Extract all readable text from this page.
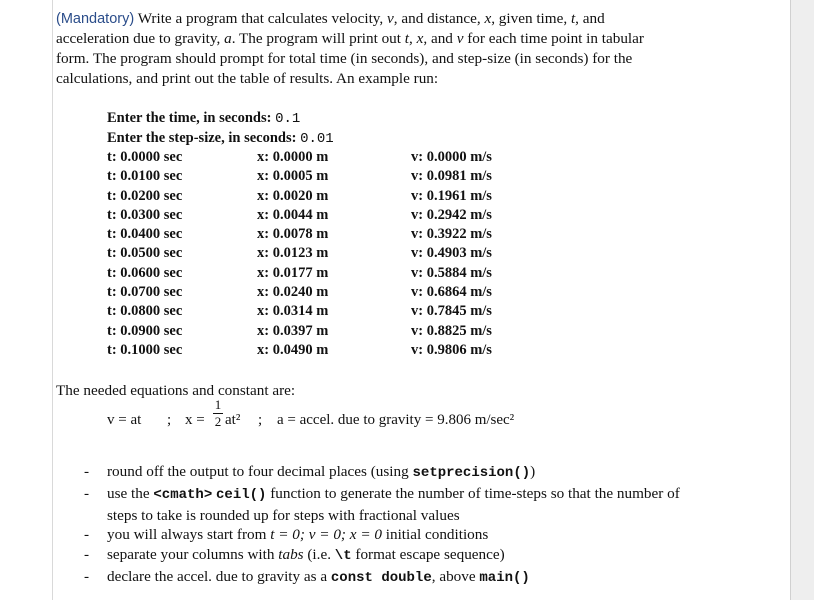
(Mandatory) Write a program that calculates velocity, v, and distance, x, given time, t, and acceleration due to gravity, a. The program will print out t, x, and v for each time point in tabular form. The program should prompt for total time (in seconds), and step-size (in seconds) for the calculations, and print out the table of results. An example run:
Enter the time, in seconds: 0.1
Enter the step-size, in seconds: 0.01
t: 0.0000 sec	x: 0.0000 m	v: 0.0000 m/s
t: 0.0100 sec	x: 0.0005 m	v: 0.0981 m/s
t: 0.0200 sec	x: 0.0020 m	v: 0.1961 m/s
t: 0.0300 sec	x: 0.0044 m	v: 0.2942 m/s
t: 0.0400 sec	x: 0.0078 m	v: 0.3922 m/s
t: 0.0500 sec	x: 0.0123 m	v: 0.4903 m/s
t: 0.0600 sec	x: 0.0177 m	v: 0.5884 m/s
t: 0.0700 sec	x: 0.0240 m	v: 0.6864 m/s
t: 0.0800 sec	x: 0.0314 m	v: 0.7845 m/s
t: 0.0900 sec	x: 0.0397 m	v: 0.8825 m/s
t: 0.1000 sec	x: 0.0490 m	v: 0.9806 m/s
The needed equations and constant are:
v = at ; x =
1
2 at² ; a = accel. due to gravity = 9.806 m/sec²
- round off the output to four decimal places (using setprecision())
- use the <cmath> ceil() function to generate the number of time-steps so that the number of steps to take is rounded up for steps with fractional values
- you will always start from t = 0; v = 0; x = 0 initial conditions
- separate your columns with tabs (i.e. \t format escape sequence)
- declare the accel. due to gravity as a const double, above main()
